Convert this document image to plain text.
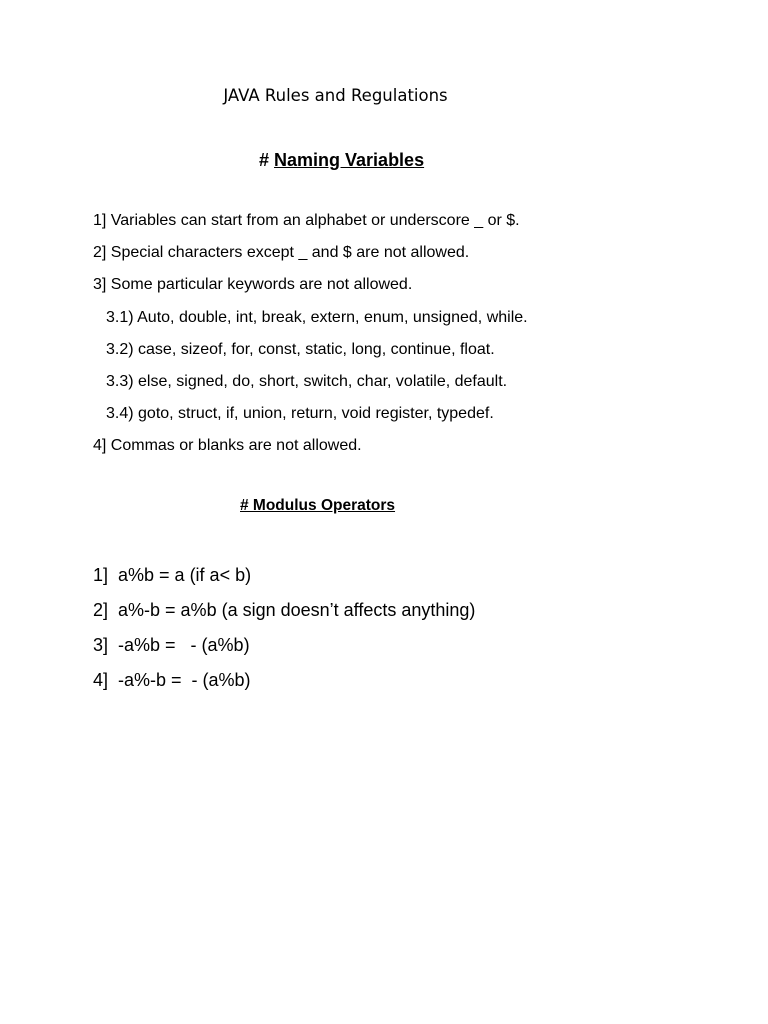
JAVA Rules and Regulations
# Naming Variables
1] Variables can start from an alphabet or underscore _ or $.
2] Special characters except _ and $ are not allowed.
3] Some particular keywords are not allowed.
3.1) Auto, double, int, break, extern, enum, unsigned, while.
3.2) case, sizeof, for, const, static, long, continue, float.
3.3) else, signed, do, short, switch, char, volatile, default.
3.4) goto, struct, if, union, return, void register, typedef.
4] Commas or blanks are not allowed.
# Modulus Operators
1]  a%b = a (if a< b)
2]  a%-b = a%b (a sign doesn’t affects anything)
3]  -a%b =   - (a%b)
4]  -a%-b =  - (a%b)
